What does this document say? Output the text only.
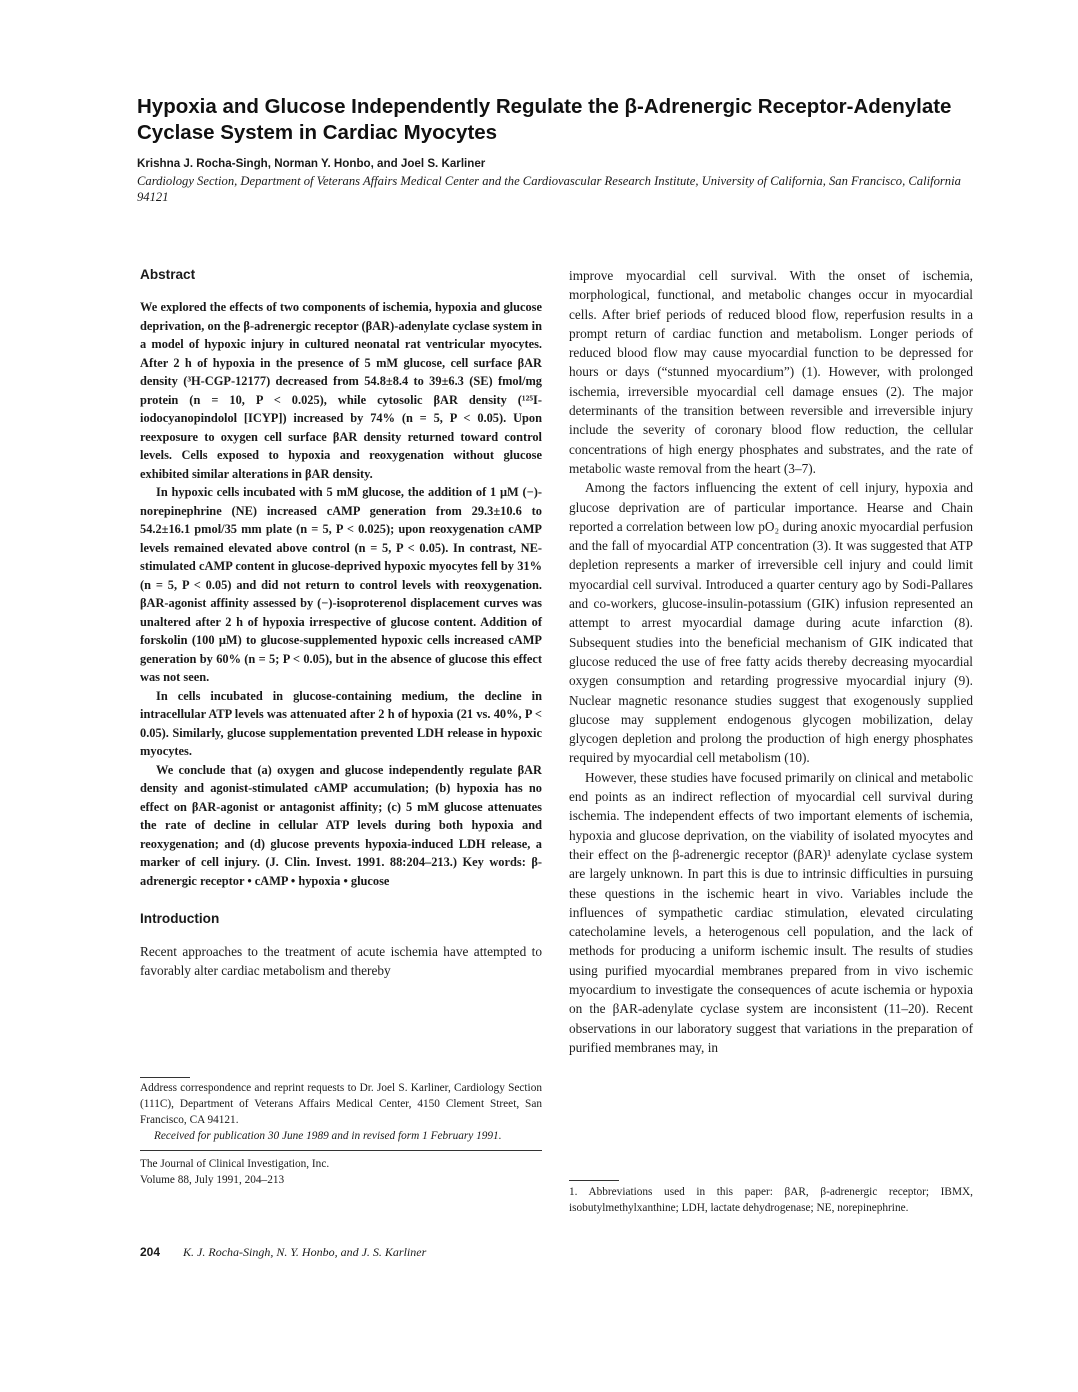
Hypoxia and Glucose Independently Regulate the β-Adrenergic Receptor-Adenylate Cyclase System in Cardiac Myocytes

Krishna J. Rocha-Singh, Norman Y. Honbo, and Joel S. Karliner

Cardiology Section, Department of Veterans Affairs Medical Center and the Cardiovascular Research Institute, University of California, San Francisco, California 94121

Abstract

We explored the effects of two components of ischemia, hypoxia and glucose deprivation, on the β-adrenergic receptor (βAR)-adenylate cyclase system in a model of hypoxic injury in cultured neonatal rat ventricular myocytes. After 2 h of hypoxia in the presence of 5 mM glucose, cell surface βAR density (³H-CGP-12177) decreased from 54.8±8.4 to 39±6.3 (SE) fmol/mg protein (n = 10, P < 0.025), while cytosolic βAR density (¹²⁵I-iodocyanopindolol [ICYP]) increased by 74% (n = 5, P < 0.05). Upon reexposure to oxygen cell surface βAR density returned toward control levels. Cells exposed to hypoxia and reoxygenation without glucose exhibited similar alterations in βAR density.

In hypoxic cells incubated with 5 mM glucose, the addition of 1 μM (−)-norepinephrine (NE) increased cAMP generation from 29.3±10.6 to 54.2±16.1 pmol/35 mm plate (n = 5, P < 0.025); upon reoxygenation cAMP levels remained elevated above control (n = 5, P < 0.05). In contrast, NE-stimulated cAMP content in glucose-deprived hypoxic myocytes fell by 31% (n = 5, P < 0.05) and did not return to control levels with reoxygenation. βAR-agonist affinity assessed by (−)-isoproterenol displacement curves was unaltered after 2 h of hypoxia irrespective of glucose content. Addition of forskolin (100 μM) to glucose-supplemented hypoxic cells increased cAMP generation by 60% (n = 5; P < 0.05), but in the absence of glucose this effect was not seen.

In cells incubated in glucose-containing medium, the decline in intracellular ATP levels was attenuated after 2 h of hypoxia (21 vs. 40%, P < 0.05). Similarly, glucose supplementation prevented LDH release in hypoxic myocytes.

We conclude that (a) oxygen and glucose independently regulate βAR density and agonist-stimulated cAMP accumulation; (b) hypoxia has no effect on βAR-agonist or antagonist affinity; (c) 5 mM glucose attenuates the rate of decline in cellular ATP levels during both hypoxia and reoxygenation; and (d) glucose prevents hypoxia-induced LDH release, a marker of cell injury. (J. Clin. Invest. 1991. 88:204–213.) Key words: β-adrenergic receptor • cAMP • hypoxia • glucose

Introduction

Recent approaches to the treatment of acute ischemia have attempted to favorably alter cardiac metabolism and thereby

Address correspondence and reprint requests to Dr. Joel S. Karliner, Cardiology Section (111C), Department of Veterans Affairs Medical Center, 4150 Clement Street, San Francisco, CA 94121.

Received for publication 30 June 1989 and in revised form 1 February 1991.

The Journal of Clinical Investigation, Inc.

Volume 88, July 1991, 204–213

improve myocardial cell survival. With the onset of ischemia, morphological, functional, and metabolic changes occur in myocardial cells. After brief periods of reduced blood flow, reperfusion results in a prompt return of cardiac function and metabolism. Longer periods of reduced blood flow may cause myocardial function to be depressed for hours or days (“stunned myocardium”) (1). However, with prolonged ischemia, irreversible myocardial cell damage ensues (2). The major determinants of the transition between reversible and irreversible injury include the severity of coronary blood flow reduction, the cellular concentrations of high energy phosphates and substrates, and the rate of metabolic waste removal from the heart (3–7).

Among the factors influencing the extent of cell injury, hypoxia and glucose deprivation are of particular importance. Hearse and Chain reported a correlation between low pO₂ during anoxic myocardial perfusion and the fall of myocardial ATP concentration (3). It was suggested that ATP depletion represents a marker of irreversible cell injury and could limit myocardial cell survival. Introduced a quarter century ago by Sodi-Pallares and co-workers, glucose-insulin-potassium (GIK) infusion represented an attempt to arrest myocardial damage during acute infarction (8). Subsequent studies into the beneficial mechanism of GIK indicated that glucose reduced the use of free fatty acids thereby decreasing myocardial oxygen consumption and retarding progressive myocardial injury (9). Nuclear magnetic resonance studies suggest that exogenously supplied glucose may supplement endogenous glycogen mobilization, delay glycogen depletion and prolong the production of high energy phosphates required by myocardial cell metabolism (10).

However, these studies have focused primarily on clinical and metabolic end points as an indirect reflection of myocardial cell survival during ischemia. The independent effects of two important elements of ischemia, hypoxia and glucose deprivation, on the viability of isolated myocytes and their effect on the β-adrenergic receptor (βAR)¹ adenylate cyclase system are largely unknown. In part this is due to intrinsic difficulties in pursuing these questions in the ischemic heart in vivo. Variables include the influences of sympathetic cardiac stimulation, elevated circulating catecholamine levels, a heterogenous cell population, and the lack of methods for producing a uniform ischemic insult. The results of studies using purified myocardial membranes prepared from in vivo ischemic myocardium to investigate the consequences of acute ischemia or hypoxia on the βAR-adenylate cyclase system are inconsistent (11–20). Recent observations in our laboratory suggest that variations in the preparation of purified membranes may, in

1. Abbreviations used in this paper: βAR, β-adrenergic receptor; IBMX, isobutylmethylxanthine; LDH, lactate dehydrogenase; NE, norepinephrine.

204 K. J. Rocha-Singh, N. Y. Honbo, and J. S. Karliner
